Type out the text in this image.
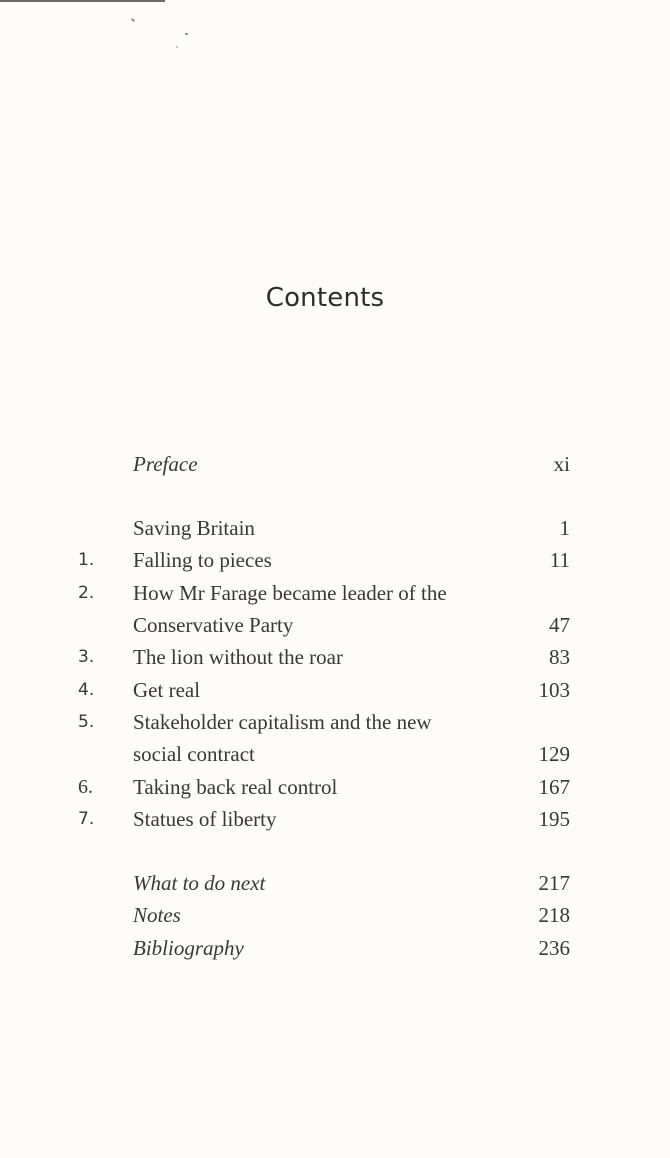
Contents
Preface	xi
Saving Britain	1
1.	Falling to pieces	11
2.	How Mr Farage became leader of the
Conservative Party	47
3.	The lion without the roar	83
4.	Get real	103
5.	Stakeholder capitalism and the new
social contract	129
6.	Taking back real control	167
7.	Statues of liberty	195
What to do next	217
Notes	218
Bibliography	236
